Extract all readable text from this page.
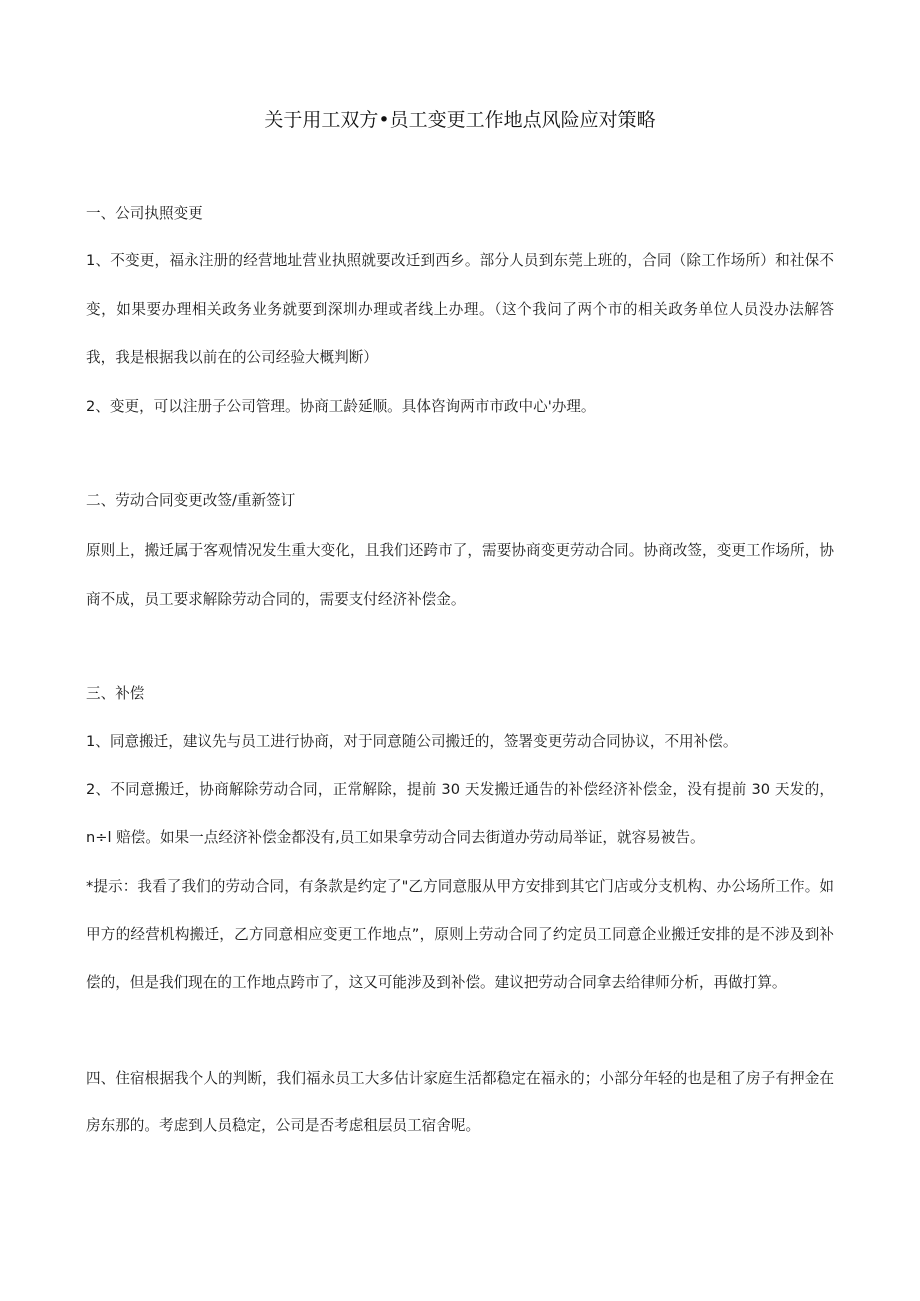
关于用工双方•员工变更工作地点风险应对策略
一、公司执照变更
1、不变更，福永注册的经营地址营业执照就要改迁到西乡。部分人员到东莞上班的，合同（除工作场所）和社保不
变，如果要办理相关政务业务就要到深圳办理或者线上办理。（这个我问了两个市的相关政务单位人员没办法解答
我，我是根据我以前在的公司经验大概判断）
2、变更，可以注册子公司管理。协商工龄延顺。具体咨询两市市政中心'办理。
二、劳动合同变更改签/重新签订
原则上，搬迁属于客观情况发生重大变化，且我们还跨市了，需要协商变更劳动合同。协商改签，变更工作场所，协
商不成，员工要求解除劳动合同的，需要支付经济补偿金。
三、补偿
1、同意搬迁，建议先与员工进行协商，对于同意随公司搬迁的，签署变更劳动合同协议，不用补偿。
2、不同意搬迁，协商解除劳动合同，正常解除，提前 30 天发搬迁通告的补偿经济补偿金，没有提前 30 天发的，
n÷l 赔偿。如果一点经济补偿金都没有,员工如果拿劳动合同去街道办劳动局举证，就容易被告。
*提示：我看了我们的劳动合同，有条款是约定了"乙方同意服从甲方安排到其它门店或分支机构、办公场所工作。如
甲方的经营机构搬迁，乙方同意相应变更工作地点”，原则上劳动合同了约定员工同意企业搬迁安排的是不涉及到补
偿的，但是我们现在的工作地点跨市了，这又可能涉及到补偿。建议把劳动合同拿去给律师分析，再做打算。
四、住宿根据我个人的判断，我们福永员工大多估计家庭生活都稳定在福永的；小部分年轻的也是租了房子有押金在
房东那的。考虑到人员稳定，公司是否考虑租层员工宿舍呢。
